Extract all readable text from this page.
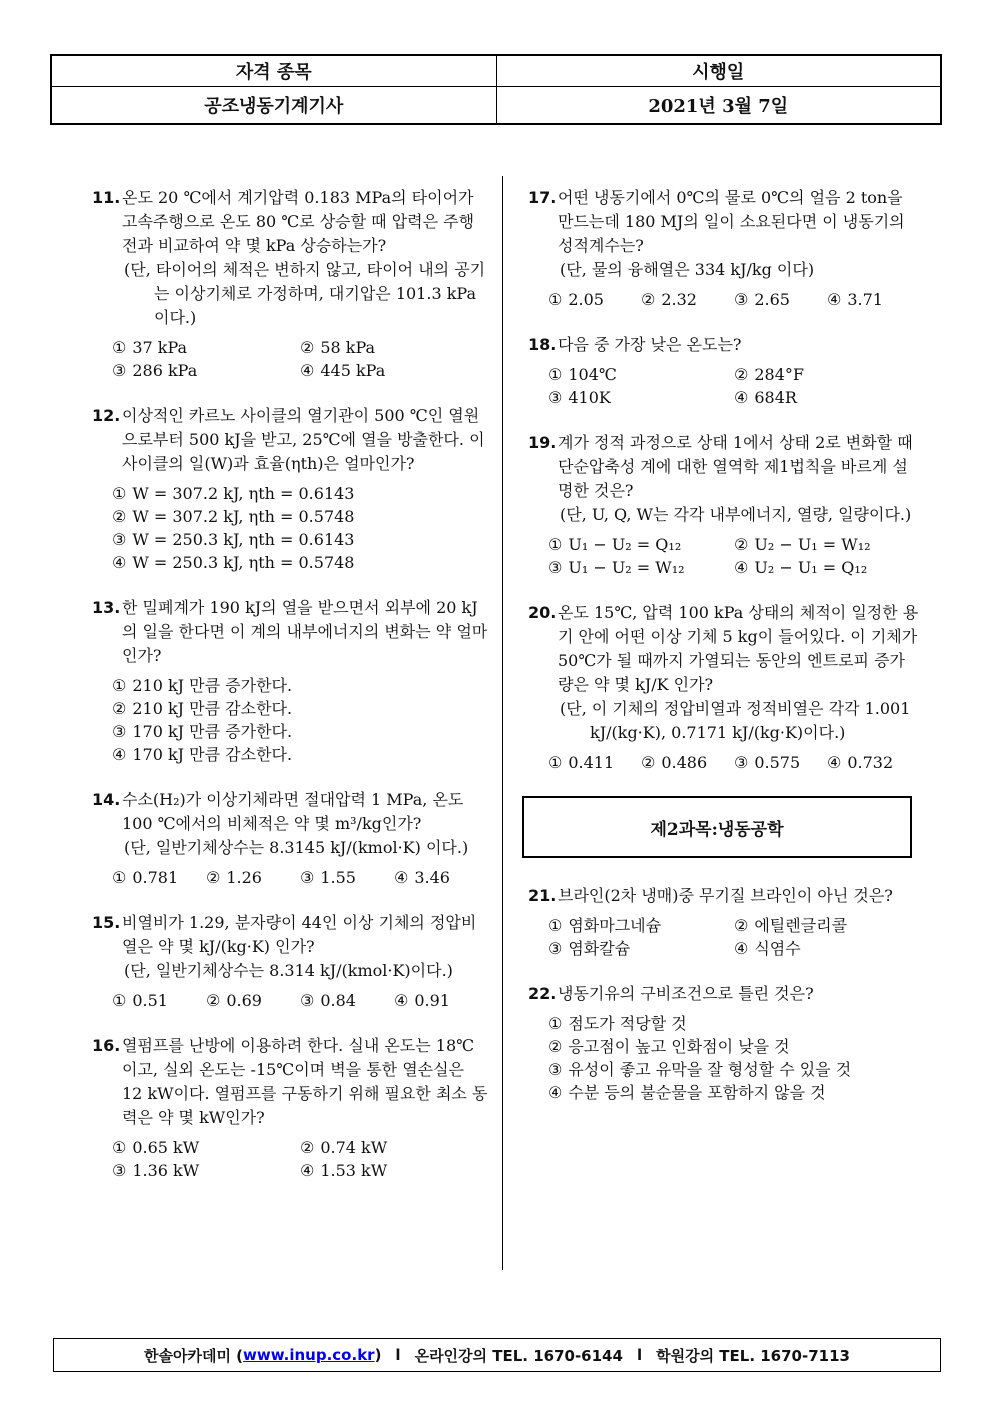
자격 종목	시행일
공조냉동기계기사	2021년 3월 7일
11. 온도 20 ℃에서 계기압력 0.183 MPa의 타이어가 고속주행으로 온도 80 ℃로 상승할 때 압력은 주행 전과 비교하여 약 몇 kPa 상승하는가?
(단, 타이어의 체적은 변하지 않고, 타이어 내의 공기는 이상기체로 가정하며, 대기압은 101.3 kPa이다.)
① 37 kPa	② 58 kPa
③ 286 kPa	④ 445 kPa
12. 이상적인 카르노 사이클의 열기관이 500 ℃인 열원으로부터 500 kJ을 받고, 25℃에 열을 방출한다. 이 사이클의 일(W)과 효율(ηth)은 얼마인가?
① W = 307.2 kJ, ηth = 0.6143
② W = 307.2 kJ, ηth = 0.5748
③ W = 250.3 kJ, ηth = 0.6143
④ W = 250.3 kJ, ηth = 0.5748
13. 한 밀폐계가 190 kJ의 열을 받으면서 외부에 20 kJ의 일을 한다면 이 계의 내부에너지의 변화는 약 얼마인가?
① 210 kJ 만큼 증가한다.
② 210 kJ 만큼 감소한다.
③ 170 kJ 만큼 증가한다.
④ 170 kJ 만큼 감소한다.
14. 수소(H₂)가 이상기체라면 절대압력 1 MPa, 온도 100 ℃에서의 비체적은 약 몇 m³/kg인가?
(단, 일반기체상수는 8.3145 kJ/(kmol·K) 이다.)
① 0.781	② 1.26	③ 1.55	④ 3.46
15. 비열비가 1.29, 분자량이 44인 이상 기체의 정압비열은 약 몇 kJ/(kg·K) 인가?
(단, 일반기체상수는 8.314 kJ/(kmol·K)이다.)
① 0.51	② 0.69	③ 0.84	④ 0.91
16. 열펌프를 난방에 이용하려 한다. 실내 온도는 18℃이고, 실외 온도는 -15℃이며 벽을 통한 열손실은 12 kW이다. 열펌프를 구동하기 위해 필요한 최소 동력은 약 몇 kW인가?
① 0.65 kW	② 0.74 kW
③ 1.36 kW	④ 1.53 kW
17. 어떤 냉동기에서 0℃의 물로 0℃의 얼음 2 ton을 만드는데 180 MJ의 일이 소요된다면 이 냉동기의 성적계수는?
(단, 물의 융해열은 334 kJ/kg 이다)
① 2.05	② 2.32	③ 2.65	④ 3.71
18. 다음 중 가장 낮은 온도는?
① 104℃	② 284°F
③ 410K	④ 684R
19. 계가 정적 과정으로 상태 1에서 상태 2로 변화할 때 단순압축성 계에 대한 열역학 제1법칙을 바르게 설명한 것은?
(단, U, Q, W는 각각 내부에너지, 열량, 일량이다.)
① U₁ − U₂ = Q₁₂	② U₂ − U₁ = W₁₂
③ U₁ − U₂ = W₁₂	④ U₂ − U₁ = Q₁₂
20. 온도 15℃, 압력 100 kPa 상태의 체적이 일정한 용기 안에 어떤 이상 기체 5 kg이 들어있다. 이 기체가 50℃가 될 때까지 가열되는 동안의 엔트로피 증가량은 약 몇 kJ/K 인가?
(단, 이 기체의 정압비열과 정적비열은 각각 1.001 kJ/(kg·K), 0.7171 kJ/(kg·K)이다.)
① 0.411	② 0.486	③ 0.575	④ 0.732
제2과목:냉동공학
21. 브라인(2차 냉매)중 무기질 브라인이 아닌 것은?
① 염화마그네슘	② 에틸렌글리콜
③ 염화칼슘	④ 식염수
22. 냉동기유의 구비조건으로 틀린 것은?
① 점도가 적당할 것
② 응고점이 높고 인화점이 낮을 것
③ 유성이 좋고 유막을 잘 형성할 수 있을 것
④ 수분 등의 불순물을 포함하지 않을 것
한솔아카데미 ( www.inup.co.kr ) l 온라인강의 TEL. 1670-6144 l 학원강의 TEL. 1670-7113
